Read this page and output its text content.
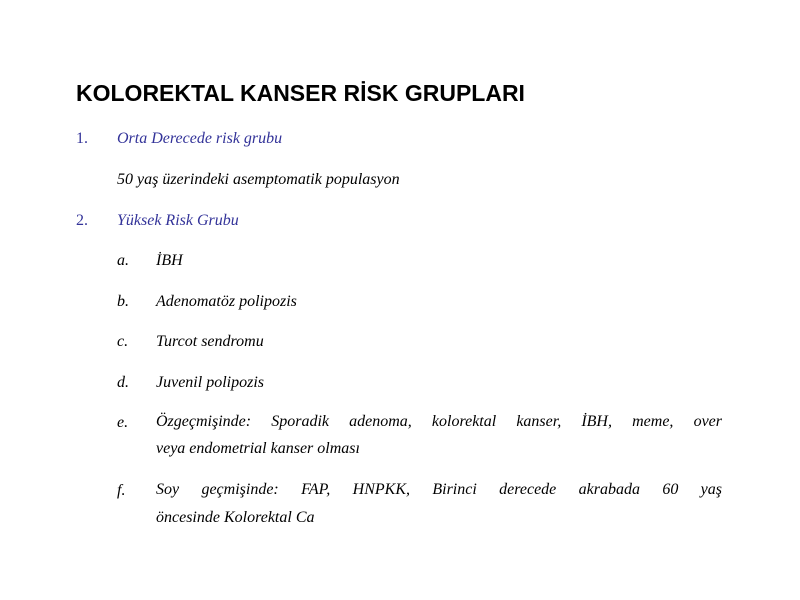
KOLOREKTAL KANSER RİSK GRUPLARI
1. Orta Derecede risk grubu
50 yaş üzerindeki asemptomatik populasyon
2. Yüksek Risk Grubu
a. İBH
b. Adenomatöz polipozis
c. Turcot sendromu
d. Juvenil polipozis
e. Özgeçmişinde: Sporadik adenoma, kolorektal kanser, İBH, meme, over
veya endometrial kanser olması
f. Soy geçmişinde: FAP, HNPKK, Birinci derecede akrabada 60 yaş
öncesinde Kolorektal Ca
